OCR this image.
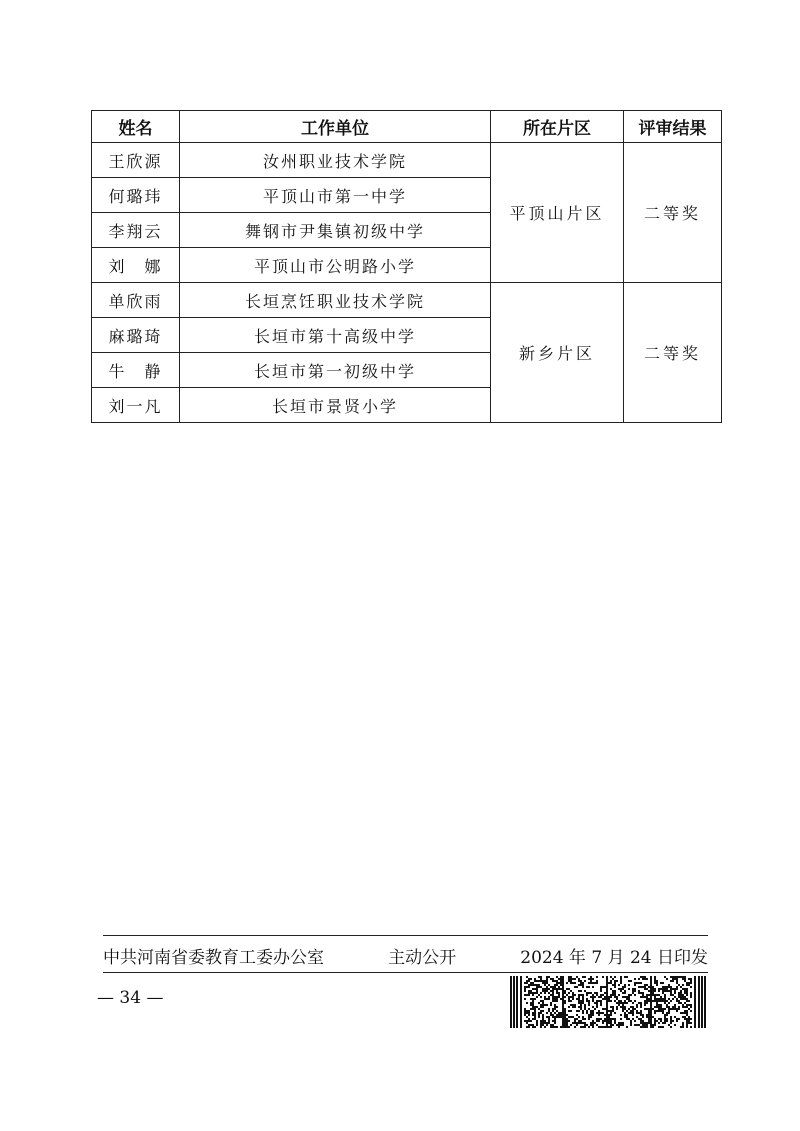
姓名	工作单位	所在片区	评审结果
王欣源	汝州职业技术学院	平顶山片区	二等奖
何璐玮	平顶山市第一中学		
李翔云	舞钢市尹集镇初级中学		
刘　娜	平顶山市公明路小学		
单欣雨	长垣烹饪职业技术学院	新乡片区	二等奖
麻璐琦	长垣市第十高级中学		
牛　静	长垣市第一初级中学		
刘一凡	长垣市景贤小学		
中共河南省委教育工委办公室	主动公开	2024 年 7 月 24 日印发
— 34 —
